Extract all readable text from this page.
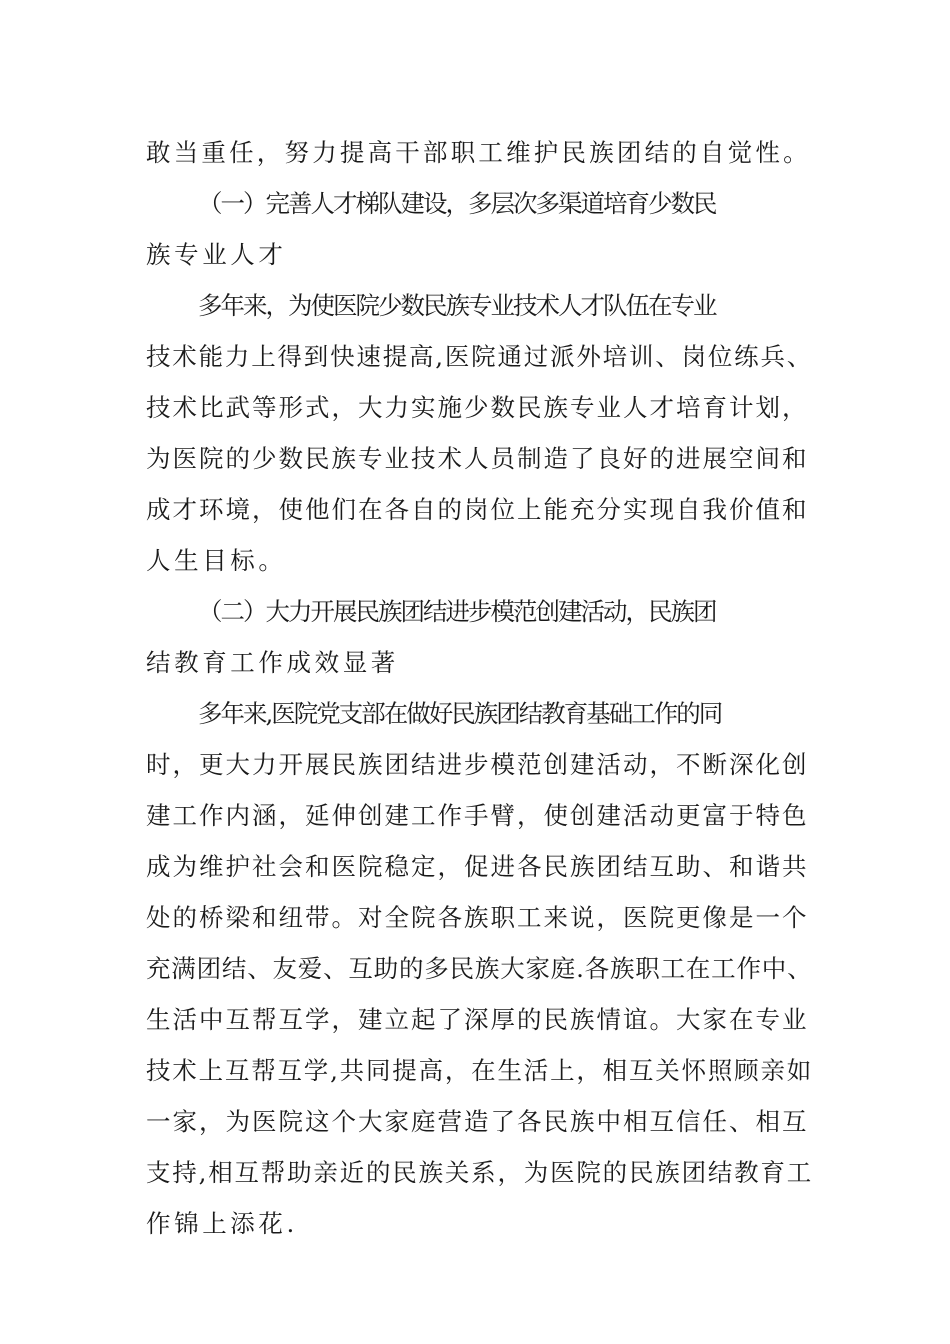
敢当重任，努力提高干部职工维护民族团结的自觉性。
（一）完善人才梯队建设，多层次多渠道培育少数民
族专业人才
多年来，为使医院少数民族专业技术人才队伍在专业
技术能力上得到快速提高,医院通过派外培训、岗位练兵、
技术比武等形式，大力实施少数民族专业人才培育计划，
为医院的少数民族专业技术人员制造了良好的进展空间和
成才环境，使他们在各自的岗位上能充分实现自我价值和
人生目标。
（二）大力开展民族团结进步模范创建活动，民族团
结教育工作成效显著
多年来,医院党支部在做好民族团结教育基础工作的同
时，更大力开展民族团结进步模范创建活动，不断深化创
建工作内涵，延伸创建工作手臂，使创建活动更富于特色
成为维护社会和医院稳定，促进各民族团结互助、和谐共
处的桥梁和纽带。对全院各族职工来说，医院更像是一个
充满团结、友爱、互助的多民族大家庭.各族职工在工作中、
生活中互帮互学，建立起了深厚的民族情谊。大家在专业
技术上互帮互学,共同提高，在生活上，相互关怀照顾亲如
一家，为医院这个大家庭营造了各民族中相互信任、相互
支持,相互帮助亲近的民族关系，为医院的民族团结教育工
作锦上添花.
